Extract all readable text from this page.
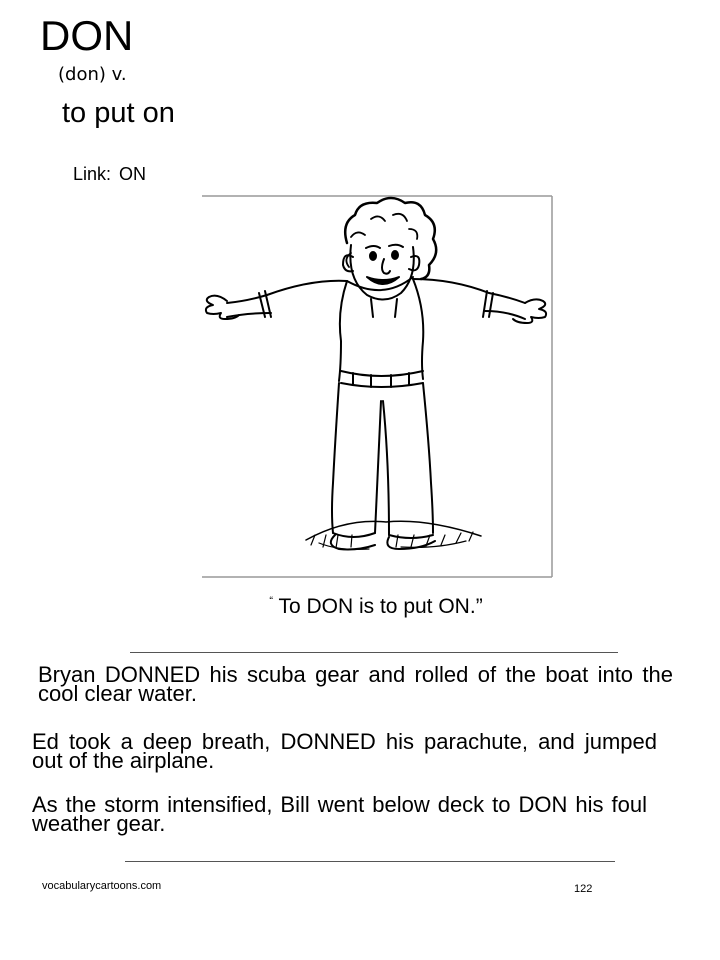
DON
(don) v.
to put on
Link: ON
“ To DON is to put ON.”
Bryan DONNED his scuba gear and rolled of the boat into the cool clear water.
Ed took a deep breath, DONNED his parachute, and jumped out of the airplane.
As the storm intensified, Bill went below deck to DON his foul weather gear.
vocabularycartoons.com	122
